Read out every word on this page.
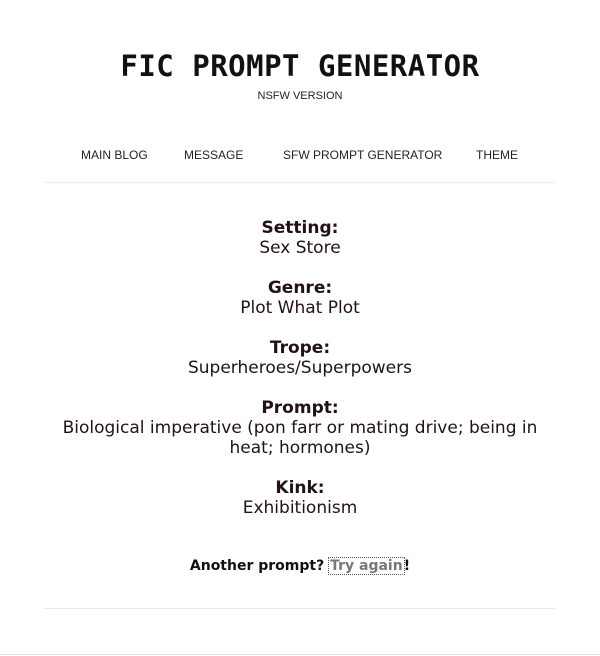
FIC PROMPT GENERATOR
NSFW VERSION
MAIN BLOG	MESSAGE	SFW PROMPT GENERATOR	THEME
Setting:
Sex Store
Genre:
Plot What Plot
Trope:
Superheroes/Superpowers
Prompt:
Biological imperative (pon farr or mating drive; being in heat; hormones)
Kink:
Exhibitionism
Another prompt? Try again!
